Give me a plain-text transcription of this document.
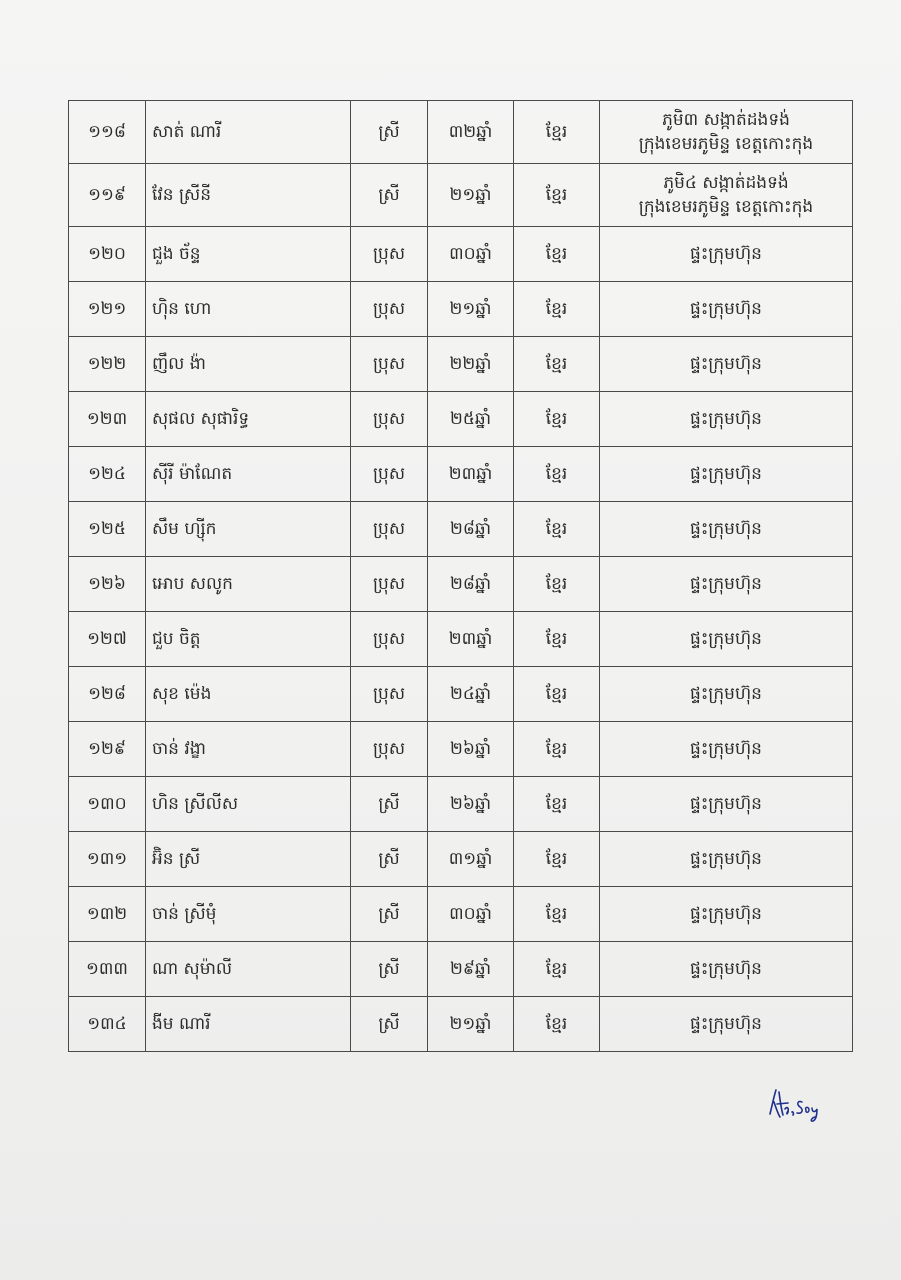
១១៨	សាត់ ណារី	ស្រី	៣២ឆ្នាំ	ខ្មែរ	ភូមិ៣ សង្កាត់ដងទង់
ក្រុងខេមរភូមិន្ទ ខេត្តកោះកុង

១១៩	វែន ស្រីនី	ស្រី	២១ឆ្នាំ	ខ្មែរ	ភូមិ៤ សង្កាត់ដងទង់
ក្រុងខេមរភូមិន្ទ ខេត្តកោះកុង

១២០	ជួង ច័ន្ទ	ប្រុស	៣០ឆ្នាំ	ខ្មែរ	ផ្ទះក្រុមហ៊ុន

១២១	ហ៊ិន ហោ	ប្រុស	២១ឆ្នាំ	ខ្មែរ	ផ្ទះក្រុមហ៊ុន

១២២	ញឹល ង៉ា	ប្រុស	២២ឆ្នាំ	ខ្មែរ	ផ្ទះក្រុមហ៊ុន

១២៣	សុផល សុផារិទ្ធ	ប្រុស	២៥ឆ្នាំ	ខ្មែរ	ផ្ទះក្រុមហ៊ុន

១២៤	ស៊ីរី ម៉ាណែត	ប្រុស	២៣ឆ្នាំ	ខ្មែរ	ផ្ទះក្រុមហ៊ុន

១២៥	សឹម ហ្សុីក	ប្រុស	២៨ឆ្នាំ	ខ្មែរ	ផ្ទះក្រុមហ៊ុន

១២៦	អោប សលូក	ប្រុស	២៨ឆ្នាំ	ខ្មែរ	ផ្ទះក្រុមហ៊ុន

១២៧	ជួប ចិត្ត	ប្រុស	២៣ឆ្នាំ	ខ្មែរ	ផ្ទះក្រុមហ៊ុន

១២៨	សុខ ម៉េង	ប្រុស	២៤ឆ្នាំ	ខ្មែរ	ផ្ទះក្រុមហ៊ុន

១២៩	ចាន់ វង្ខា	ប្រុស	២៦ឆ្នាំ	ខ្មែរ	ផ្ទះក្រុមហ៊ុន

១៣០	ហិន ស្រីលីស	ស្រី	២៦ឆ្នាំ	ខ្មែរ	ផ្ទះក្រុមហ៊ុន

១៣១	អ៊ិន ស្រី	ស្រី	៣១ឆ្នាំ	ខ្មែរ	ផ្ទះក្រុមហ៊ុន

១៣២	ចាន់ ស្រីមុំ	ស្រី	៣០ឆ្នាំ	ខ្មែរ	ផ្ទះក្រុមហ៊ុន

១៣៣	ណា សុម៉ាលី	ស្រី	២៩ឆ្នាំ	ខ្មែរ	ផ្ទះក្រុមហ៊ុន

១៣៤	ងីម ណារី	ស្រី	២១ឆ្នាំ	ខ្មែរ	ផ្ទះក្រុមហ៊ុន
